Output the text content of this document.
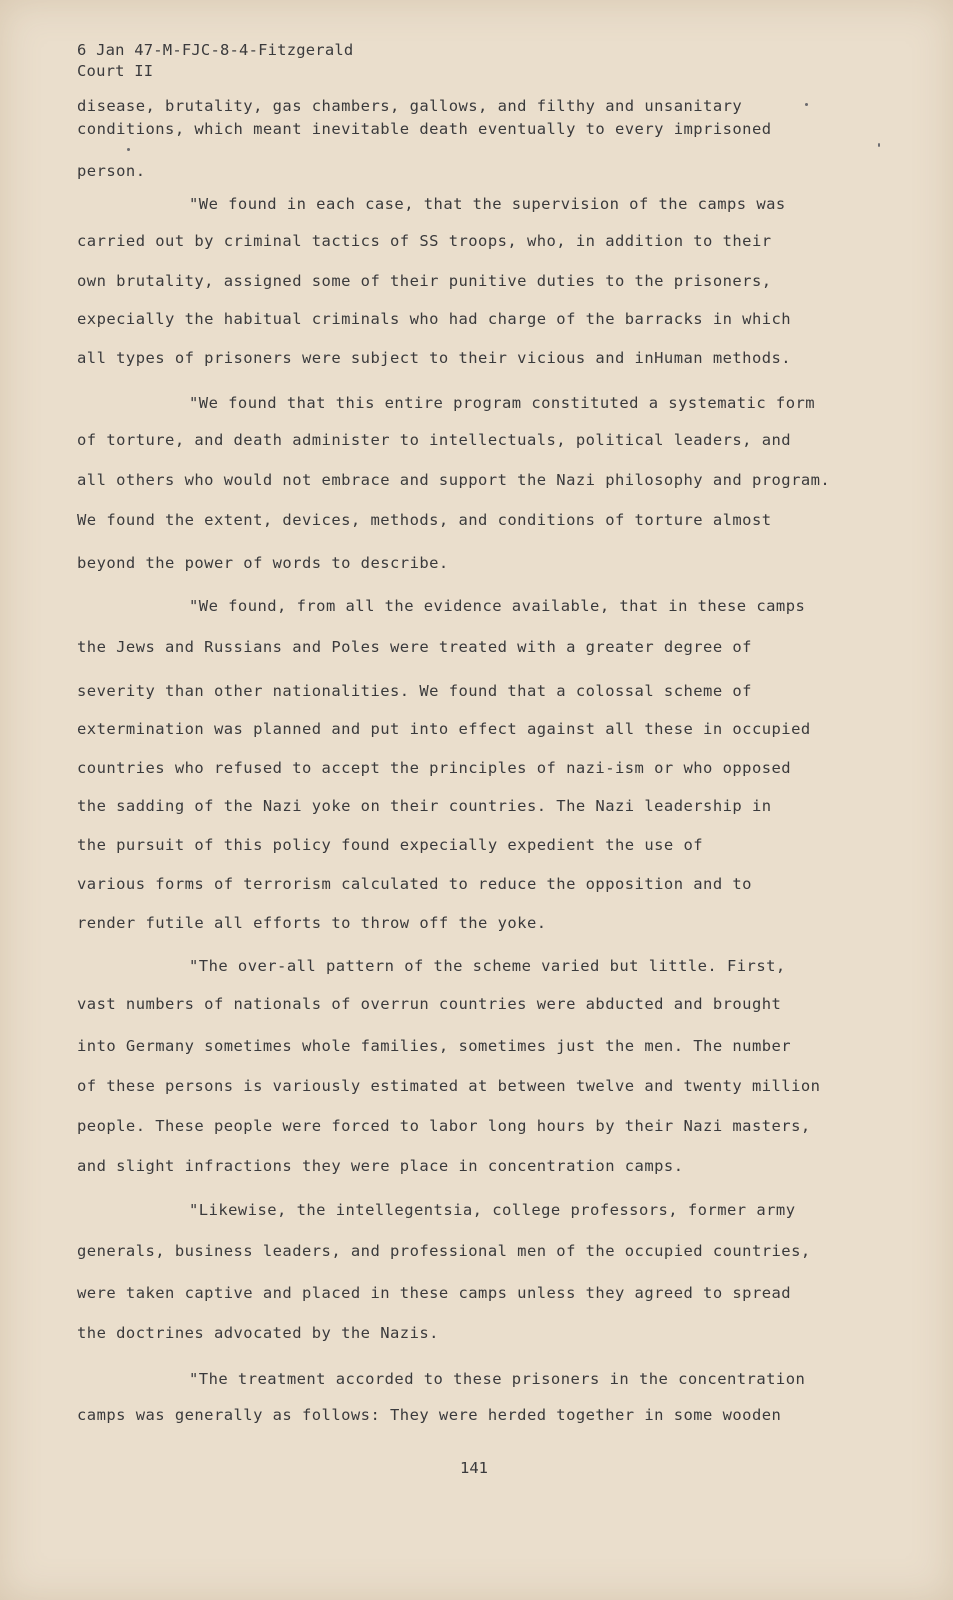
6 Jan 47-M-FJC-8-4-Fitzgerald
Court II
disease, brutality, gas chambers, gallows, and filthy and unsanitary
conditions, which meant inevitable death eventually to every imprisoned
person.
"We found in each case, that the supervision of the camps was
carried out by criminal tactics of SS troops, who, in addition to their
own brutality, assigned some of their punitive duties to the prisoners,
expecially the habitual criminals who had charge of the barracks in which
all types of prisoners were subject to their vicious and inHuman methods.
"We found that this entire program constituted a systematic form
of torture, and death administer to intellectuals, political leaders, and
all others who would not embrace and support the Nazi philosophy and program.
We found the extent, devices, methods, and conditions of torture almost
beyond the power of words to describe.
"We found, from all the evidence available, that in these camps
the Jews and Russians and Poles were treated with a greater degree of
severity than other nationalities. We found that a colossal scheme of
extermination was planned and put into effect against all these in occupied
countries who refused to accept the principles of nazi-ism or who opposed
the sadding of the Nazi yoke on their countries. The Nazi leadership in
the pursuit of this policy found expecially expedient the use of
various forms of terrorism calculated to reduce the opposition and to
render futile all efforts to throw off the yoke.
"The over-all pattern of the scheme varied but little. First,
vast numbers of nationals of overrun countries were abducted and brought
into Germany sometimes whole families, sometimes just the men. The number
of these persons is variously estimated at between twelve and twenty million
people. These people were forced to labor long hours by their Nazi masters,
and slight infractions they were place in concentration camps.
"Likewise, the intellegentsia, college professors, former army
generals, business leaders, and professional men of the occupied countries,
were taken captive and placed in these camps unless they agreed to spread
the doctrines advocated by the Nazis.
"The treatment accorded to these prisoners in the concentration
camps was generally as follows: They were herded together in some wooden
141
